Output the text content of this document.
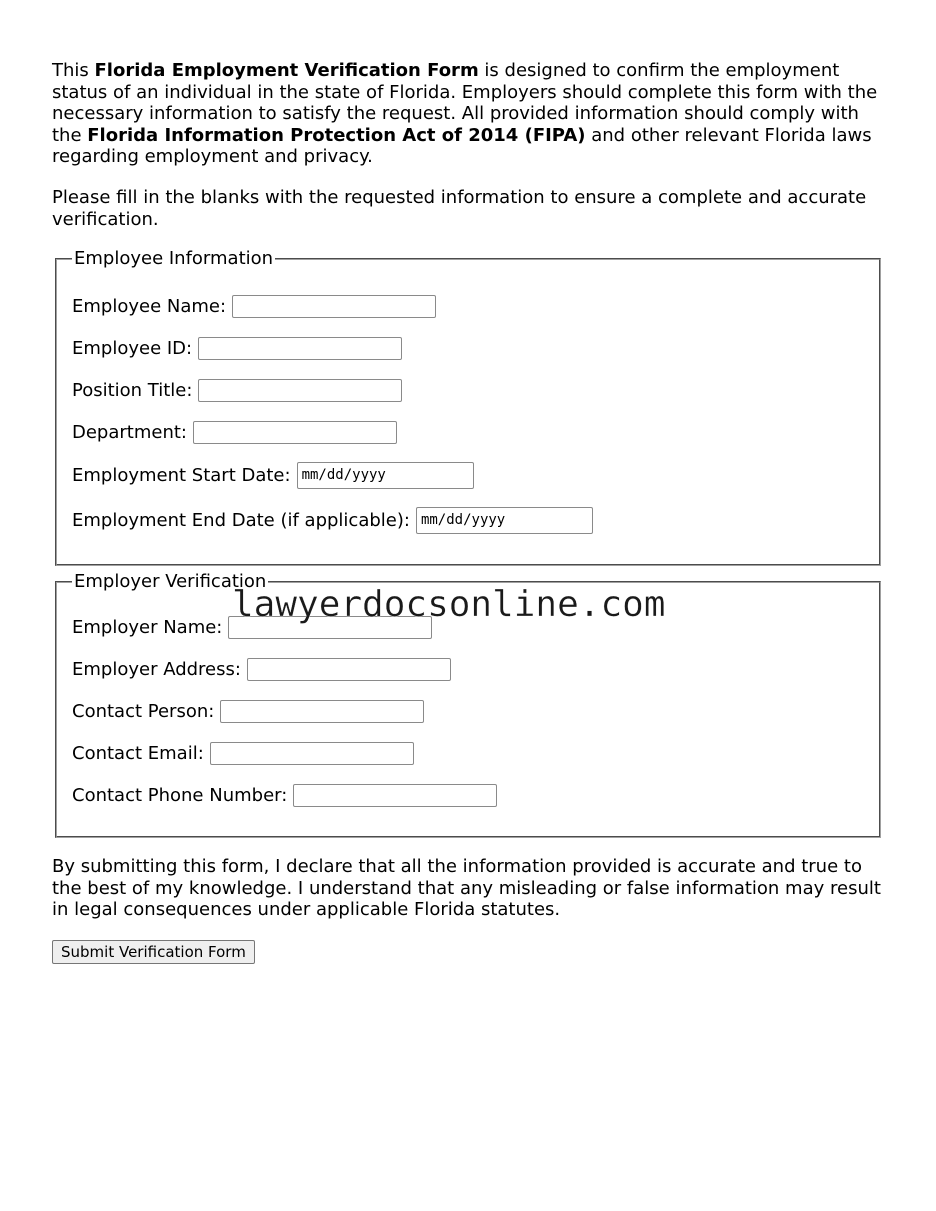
This Florida Employment Verification Form is designed to confirm the employment status of an individual in the state of Florida. Employers should complete this form with the necessary information to satisfy the request. All provided information should comply with the Florida Information Protection Act of 2014 (FIPA) and other relevant Florida laws regarding employment and privacy.

Please fill in the blanks with the requested information to ensure a complete and accurate verification.

Employee Information
Employee Name:
Employee ID:
Position Title:
Department:
Employment Start Date: mm/dd/yyyy
Employment End Date (if applicable): mm/dd/yyyy
Employer Verification
Employer Name:
Employer Address:
Contact Person:
Contact Email:
Contact Phone Number:

By submitting this form, I declare that all the information provided is accurate and true to the best of my knowledge. I understand that any misleading or false information may result in legal consequences under applicable Florida statutes.

Submit Verification Form
lawyerdocsonline.com
